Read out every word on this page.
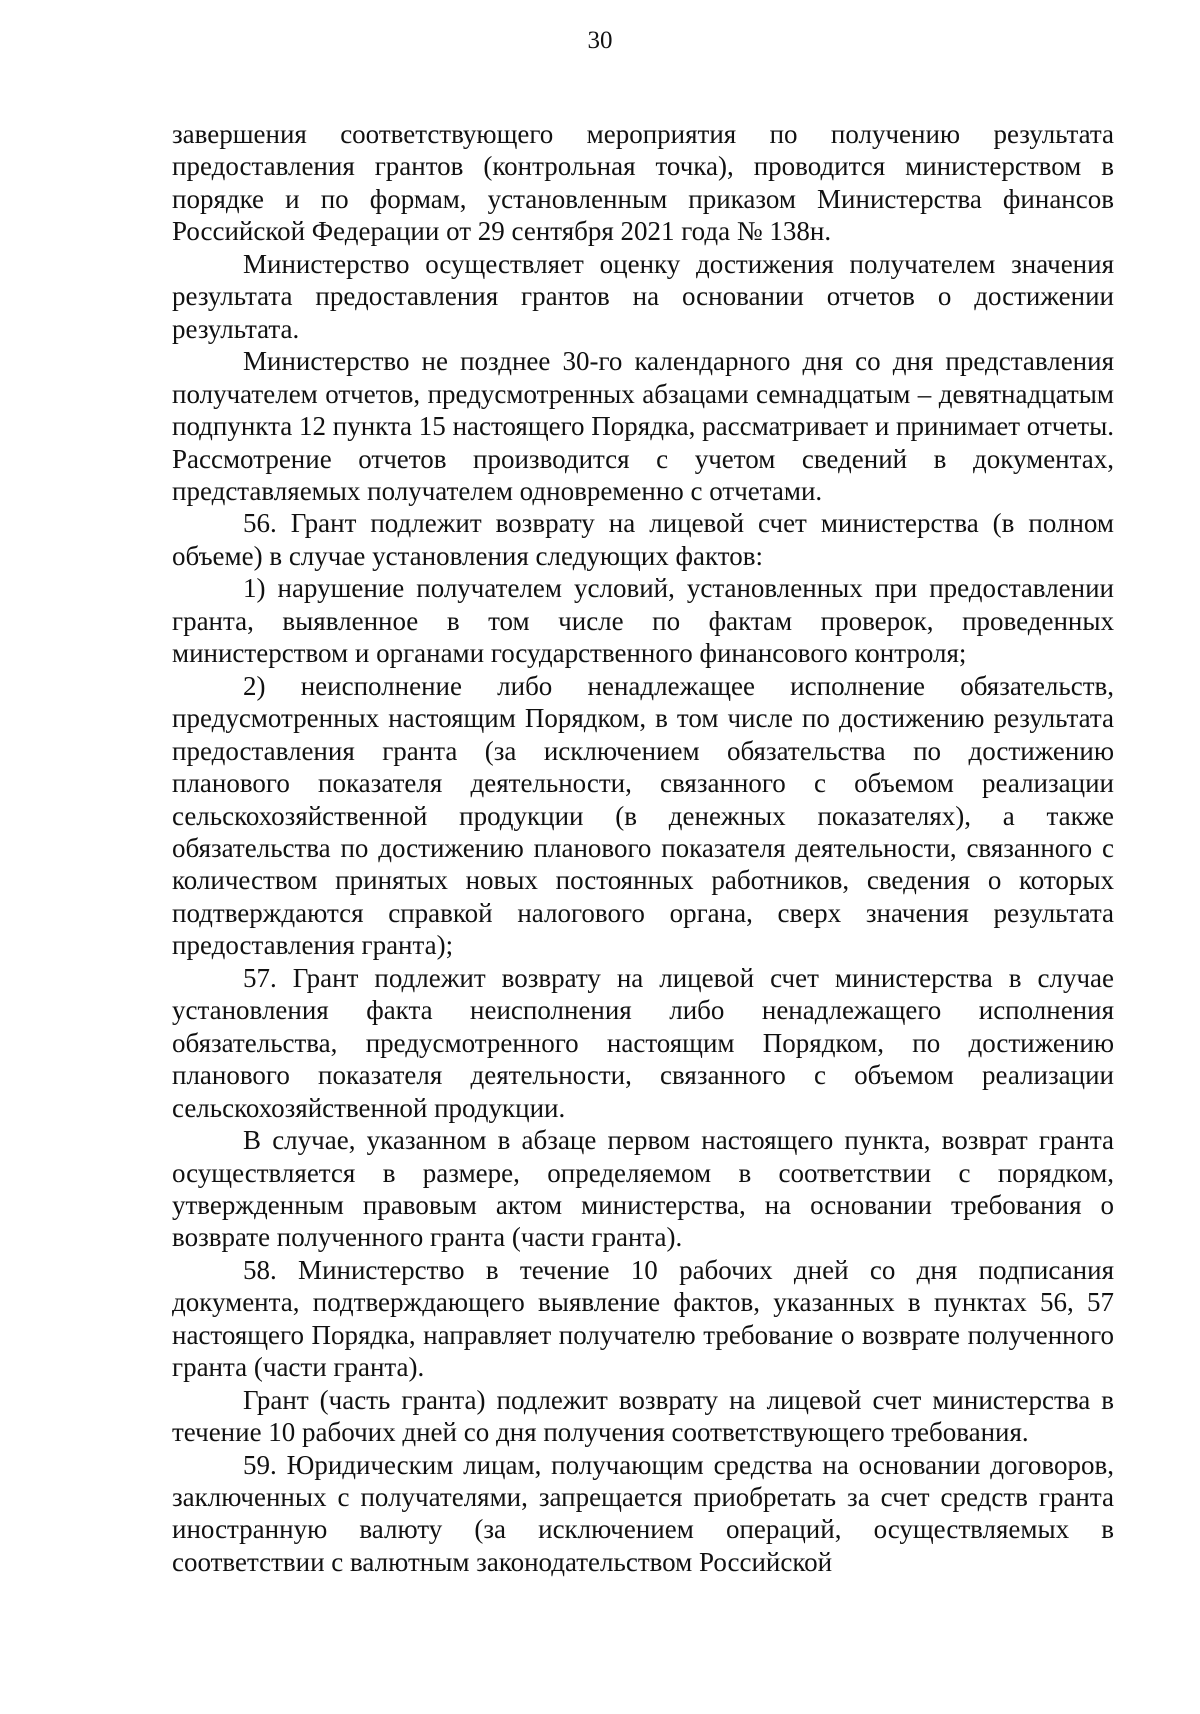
30

завершения соответствующего мероприятия по получению результата предоставления грантов (контрольная точка), проводится министерством в порядке и по формам, установленным приказом Министерства финансов Российской Федерации от 29 сентября 2021 года № 138н.

Министерство осуществляет оценку достижения получателем значения результата предоставления грантов на основании отчетов о достижении результата.

Министерство не позднее 30-го календарного дня со дня представления получателем отчетов, предусмотренных абзацами семнадцатым – девятнадцатым подпункта 12 пункта 15 настоящего Порядка, рассматривает и принимает отчеты. Рассмотрение отчетов производится с учетом сведений в документах, представляемых получателем одновременно с отчетами.

56. Грант подлежит возврату на лицевой счет министерства (в полном объеме) в случае установления следующих фактов:

1) нарушение получателем условий, установленных при предоставлении гранта, выявленное в том числе по фактам проверок, проведенных министерством и органами государственного финансового контроля;

2) неисполнение либо ненадлежащее исполнение обязательств, предусмотренных настоящим Порядком, в том числе по достижению результата предоставления гранта (за исключением обязательства по достижению планового показателя деятельности, связанного с объемом реализации сельскохозяйственной продукции (в денежных показателях), а также обязательства по достижению планового показателя деятельности, связанного с количеством принятых новых постоянных работников, сведения о которых подтверждаются справкой налогового органа, сверх значения результата предоставления гранта);

57. Грант подлежит возврату на лицевой счет министерства в случае установления факта неисполнения либо ненадлежащего исполнения обязательства, предусмотренного настоящим Порядком, по достижению планового показателя деятельности, связанного с объемом реализации сельскохозяйственной продукции.

В случае, указанном в абзаце первом настоящего пункта, возврат гранта осуществляется в размере, определяемом в соответствии с порядком, утвержденным правовым актом министерства, на основании требования о возврате полученного гранта (части гранта).

58. Министерство в течение 10 рабочих дней со дня подписания документа, подтверждающего выявление фактов, указанных в пунктах 56, 57 настоящего Порядка, направляет получателю требование о возврате полученного гранта (части гранта).

Грант (часть гранта) подлежит возврату на лицевой счет министерства в течение 10 рабочих дней со дня получения соответствующего требования.

59. Юридическим лицам, получающим средства на основании договоров, заключенных с получателями, запрещается приобретать за счет средств гранта иностранную валюту (за исключением операций, осуществляемых в соответствии с валютным законодательством Российской
